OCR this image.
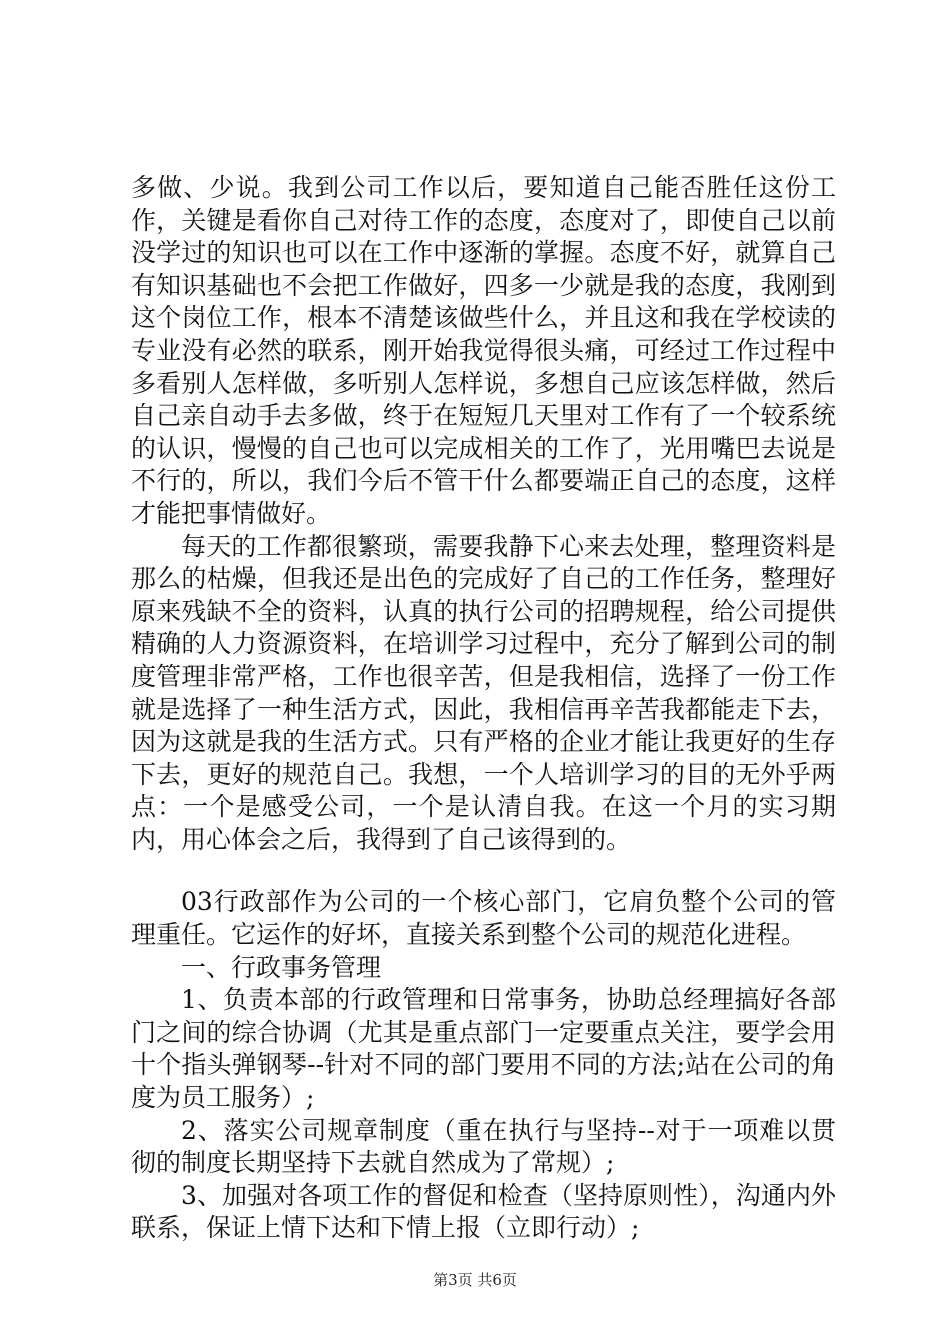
多做、少说。我到公司工作以后，要知道自己能否胜任这份工作，关键是看你自己对待工作的态度，态度对了，即使自己以前没学过的知识也可以在工作中逐渐的掌握。态度不好，就算自己有知识基础也不会把工作做好，四多一少就是我的态度，我刚到这个岗位工作，根本不清楚该做些什么，并且这和我在学校读的专业没有必然的联系，刚开始我觉得很头痛，可经过工作过程中多看别人怎样做，多听别人怎样说，多想自己应该怎样做，然后自己亲自动手去多做，终于在短短几天里对工作有了一个较系统的认识，慢慢的自己也可以完成相关的工作了，光用嘴巴去说是不行的，所以，我们今后不管干什么都要端正自己的态度，这样才能把事情做好。

每天的工作都很繁琐，需要我静下心来去处理，整理资料是那么的枯燥，但我还是出色的完成好了自己的工作任务，整理好原来残缺不全的资料，认真的执行公司的招聘规程，给公司提供精确的人力资源资料，在培训学习过程中，充分了解到公司的制度管理非常严格，工作也很辛苦，但是我相信，选择了一份工作就是选择了一种生活方式，因此，我相信再辛苦我都能走下去，因为这就是我的生活方式。只有严格的企业才能让我更好的生存下去，更好的规范自己。我想，一个人培训学习的目的无外乎两点：一个是感受公司，一个是认清自我。在这一个月的实习期内，用心体会之后，我得到了自己该得到的。

03行政部作为公司的一个核心部门，它肩负整个公司的管理重任。它运作的好坏，直接关系到整个公司的规范化进程。

一、行政事务管理

1、负责本部的行政管理和日常事务，协助总经理搞好各部门之间的综合协调（尤其是重点部门一定要重点关注，要学会用十个指头弹钢琴--针对不同的部门要用不同的方法;站在公司的角度为员工服务）;

2、落实公司规章制度（重在执行与坚持--对于一项难以贯彻的制度长期坚持下去就自然成为了常规）;

3、加强对各项工作的督促和检查（坚持原则性），沟通内外联系，保证上情下达和下情上报（立即行动）;

第3页 共6页
